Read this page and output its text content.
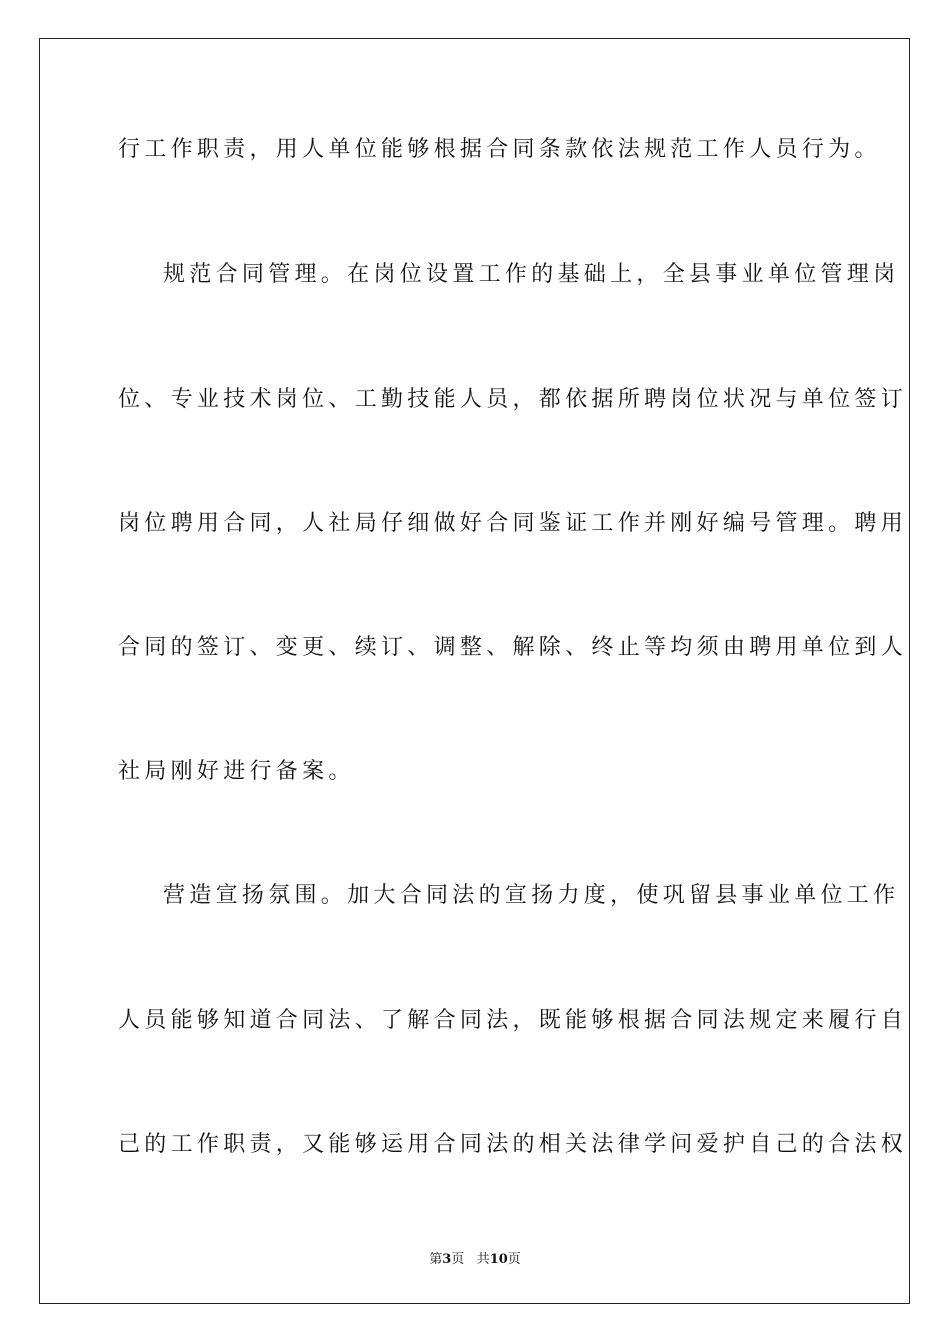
行工作职责，用人单位能够根据合同条款依法规范工作人员行为。
规范合同管理。在岗位设置工作的基础上，全县事业单位管理岗
位、专业技术岗位、工勤技能人员，都依据所聘岗位状况与单位签订
岗位聘用合同，人社局仔细做好合同鉴证工作并刚好编号管理。聘用
合同的签订、变更、续订、调整、解除、终止等均须由聘用单位到人
社局刚好进行备案。
营造宣扬氛围。加大合同法的宣扬力度，使巩留县事业单位工作
人员能够知道合同法、了解合同法，既能够根据合同法规定来履行自
己的工作职责，又能够运用合同法的相关法律学问爱护自己的合法权
第3页 共10页
